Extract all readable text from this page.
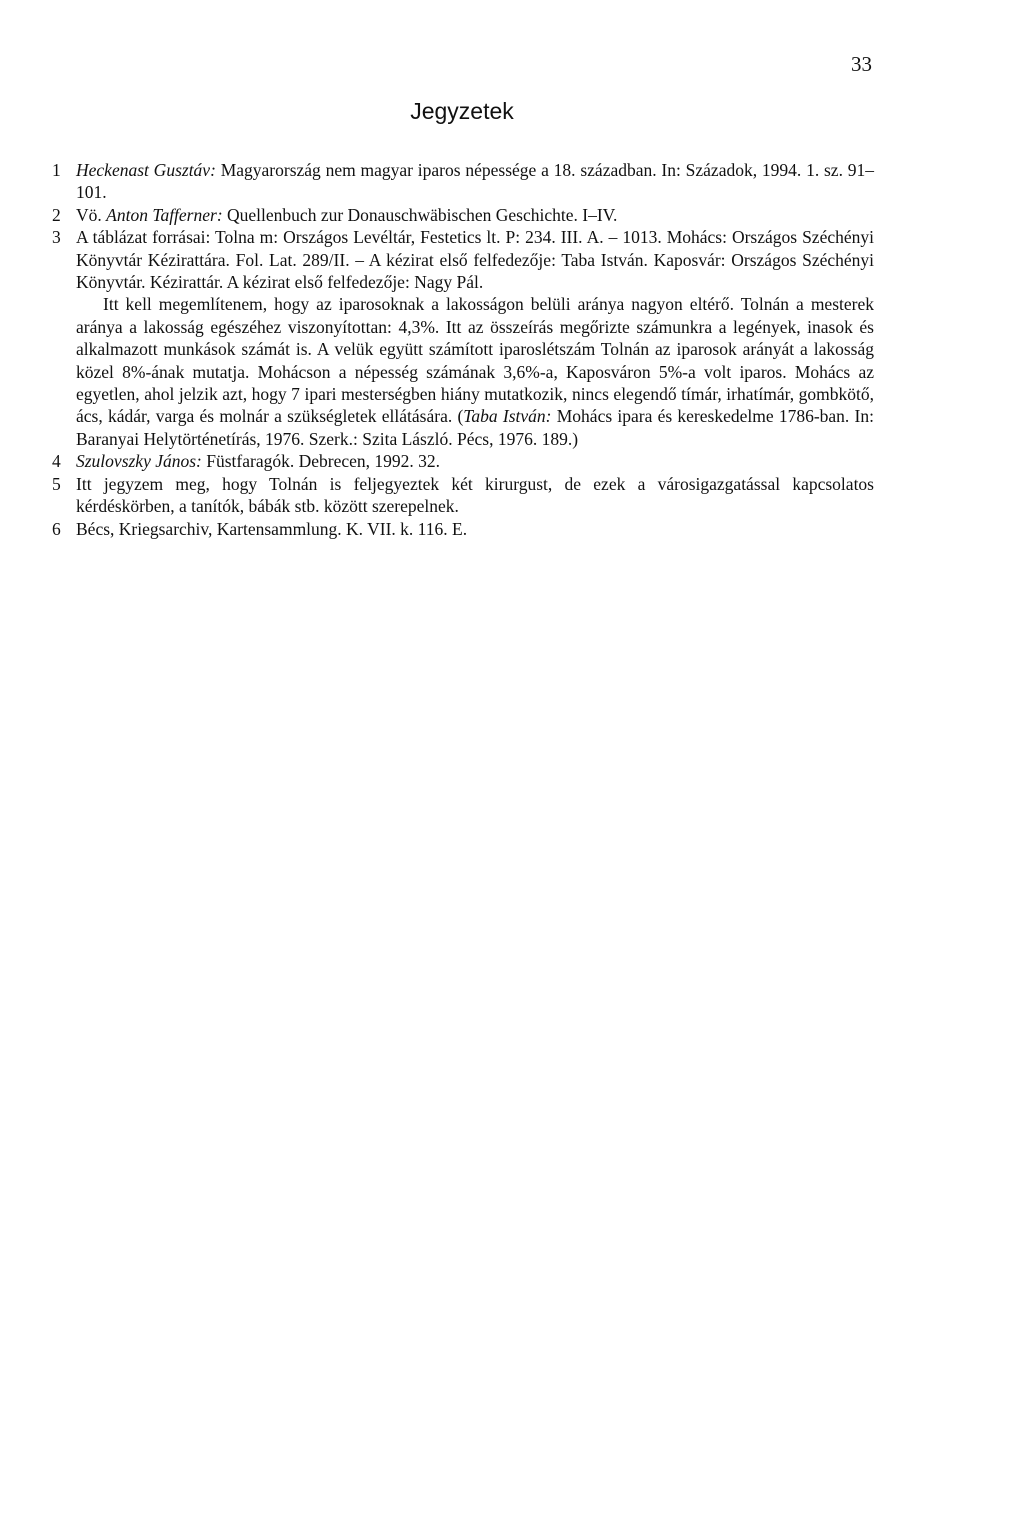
33
Jegyzetek
1 Heckenast Gusztáv: Magyarország nem magyar iparos népessége a 18. században. In: Századok, 1994. 1. sz. 91–101.

2 Vö. Anton Tafferner: Quellenbuch zur Donauschwäbischen Geschichte. I–IV.

3 A táblázat forrásai: Tolna m: Országos Levéltár, Festetics lt. P: 234. III. A. – 1013. Mohács: Országos Széchényi Könyvtár Kézirattára. Fol. Lat. 289/II. – A kézirat első felfedezője: Taba István. Kaposvár: Országos Széchényi Könyvtár. Kézirattár. A kézirat első felfedezője: Nagy Pál.

Itt kell megemlítenem, hogy az iparosoknak a lakosságon belüli aránya nagyon eltérő. Tolnán a mesterek aránya a lakosság egészéhez viszonyítottan: 4,3%. Itt az összeírás megőrizte számunkra a legények, inasok és alkalmazott munkások számát is. A velük együtt számított iparoslétszám Tolnán az iparosok arányát a lakosság közel 8%-ának mutatja. Mohácson a népesség számának 3,6%-a, Kaposváron 5%-a volt iparos. Mohács az egyetlen, ahol jelzik azt, hogy 7 ipari mesterségben hiány mutatkozik, nincs elegendő tímár, irhatímár, gombkötő, ács, kádár, varga és molnár a szükségletek ellátására. (Taba István: Mohács ipara és kereskedelme 1786-ban. In: Baranyai Helytörténetírás, 1976. Szerk.: Szita László. Pécs, 1976. 189.)

4 Szulovszky János: Füstfaragók. Debrecen, 1992. 32.

5 Itt jegyzem meg, hogy Tolnán is feljegyeztek két kirurgust, de ezek a városigazgatással kapcsolatos kérdéskörben, a tanítók, bábák stb. között szerepelnek.

6 Bécs, Kriegsarchiv, Kartensammlung. K. VII. k. 116. E.
